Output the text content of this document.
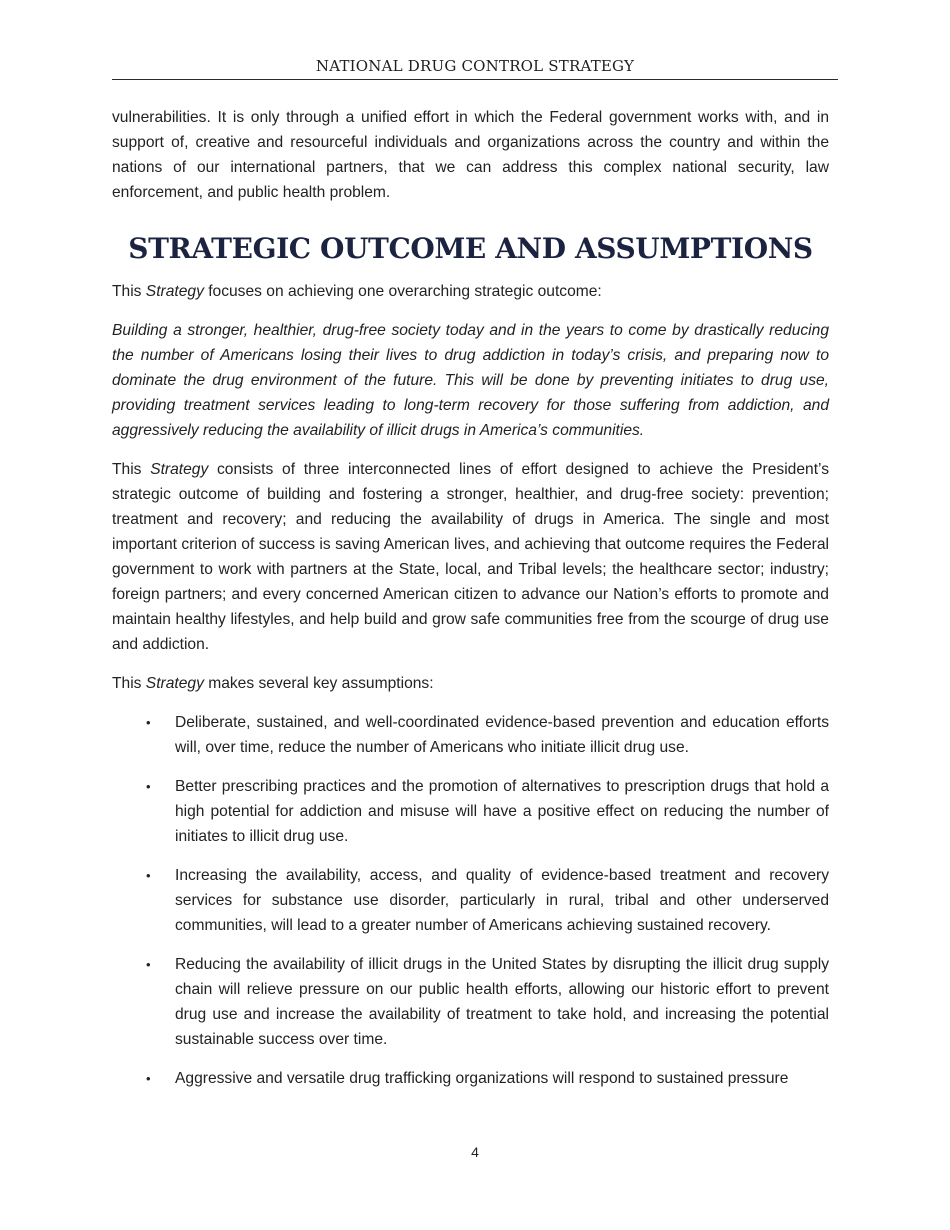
NATIONAL DRUG CONTROL STRATEGY

vulnerabilities. It is only through a unified effort in which the Federal government works with, and in support of, creative and resourceful individuals and organizations across the country and within the nations of our international partners, that we can address this complex national security, law enforcement, and public health problem.

STRATEGIC OUTCOME AND ASSUMPTIONS

This Strategy focuses on achieving one overarching strategic outcome:

Building a stronger, healthier, drug-free society today and in the years to come by drastically reducing the number of Americans losing their lives to drug addiction in today’s crisis, and preparing now to dominate the drug environment of the future. This will be done by preventing initiates to drug use, providing treatment services leading to long-term recovery for those suffering from addiction, and aggressively reducing the availability of illicit drugs in America’s communities.

This Strategy consists of three interconnected lines of effort designed to achieve the President’s strategic outcome of building and fostering a stronger, healthier, and drug-free society: prevention; treatment and recovery; and reducing the availability of drugs in America. The single and most important criterion of success is saving American lives, and achieving that outcome requires the Federal government to work with partners at the State, local, and Tribal levels; the healthcare sector; industry; foreign partners; and every concerned American citizen to advance our Nation’s efforts to promote and maintain healthy lifestyles, and help build and grow safe communities free from the scourge of drug use and addiction.

This Strategy makes several key assumptions:

• Deliberate, sustained, and well-coordinated evidence-based prevention and education efforts will, over time, reduce the number of Americans who initiate illicit drug use.
• Better prescribing practices and the promotion of alternatives to prescription drugs that hold a high potential for addiction and misuse will have a positive effect on reducing the number of initiates to illicit drug use.
• Increasing the availability, access, and quality of evidence-based treatment and recovery services for substance use disorder, particularly in rural, tribal and other underserved communities, will lead to a greater number of Americans achieving sustained recovery.
• Reducing the availability of illicit drugs in the United States by disrupting the illicit drug supply chain will relieve pressure on our public health efforts, allowing our historic effort to prevent drug use and increase the availability of treatment to take hold, and increasing the potential sustainable success over time.
• Aggressive and versatile drug trafficking organizations will respond to sustained pressure
4
